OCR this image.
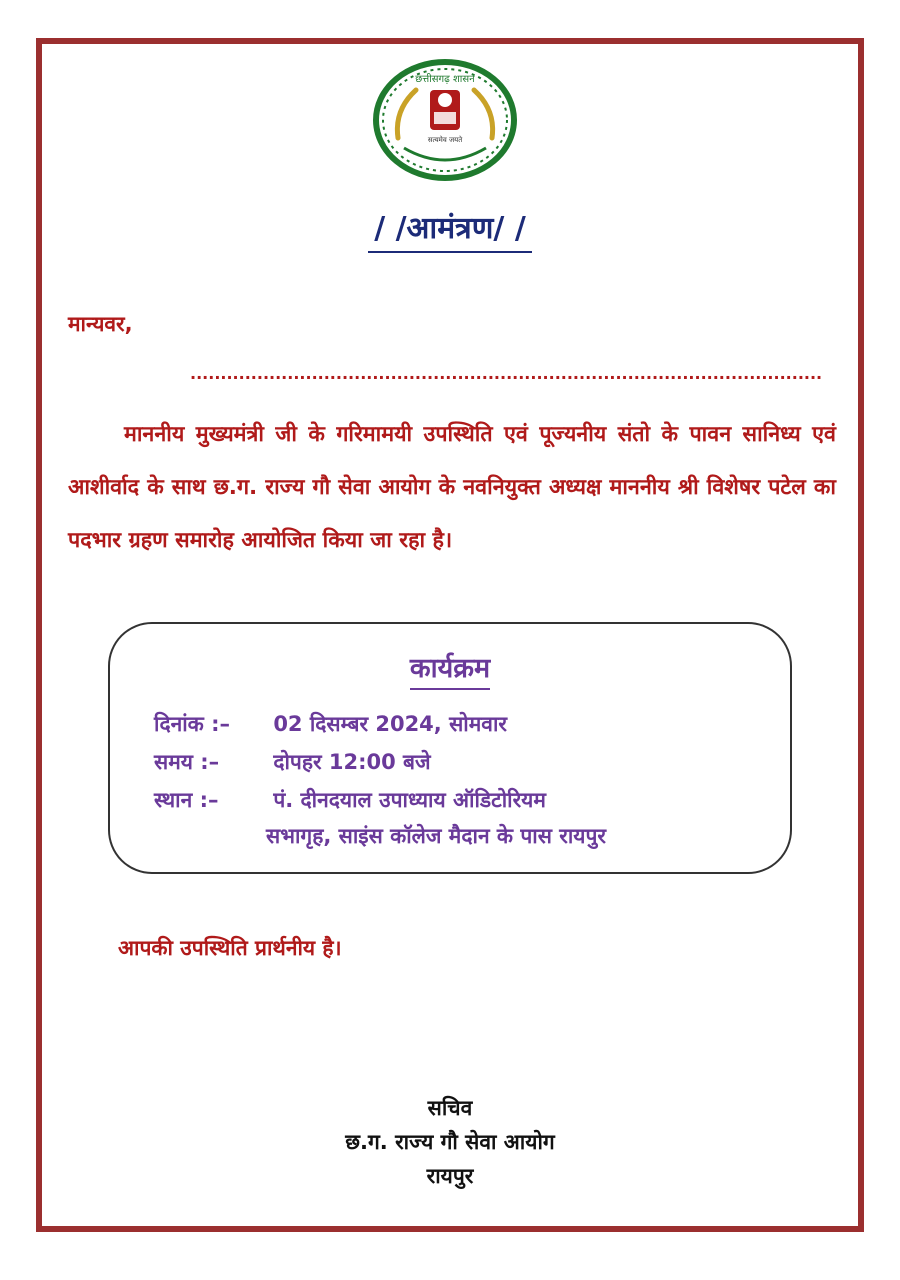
छत्तीसगढ़ शासन
सत्यमेव जयते
/ /आमंत्रण/ /
मान्यवर,
........................................................................................................
माननीय मुख्यमंत्री जी के गरिमामयी उपस्थिति एवं पूज्यनीय संतो के पावन सानिध्य एवं आशीर्वाद के साथ छ.ग. राज्य गौ सेवा आयोग के नवनियुक्त अध्यक्ष माननीय श्री विशेषर पटेल का पदभार ग्रहण समारोह आयोजित किया जा रहा है।
कार्यक्रम
दिनांक :– 02 दिसम्बर 2024, सोमवार
समय :–	दोपहर 12:00 बजे
स्थान :–	पं. दीनदयाल उपाध्याय ऑडिटोरियम
सभागृह, साइंस कॉलेज मैदान के पास रायपुर
आपकी उपस्थिति प्रार्थनीय है।
सचिव
छ.ग. राज्य गौ सेवा आयोग
रायपुर
